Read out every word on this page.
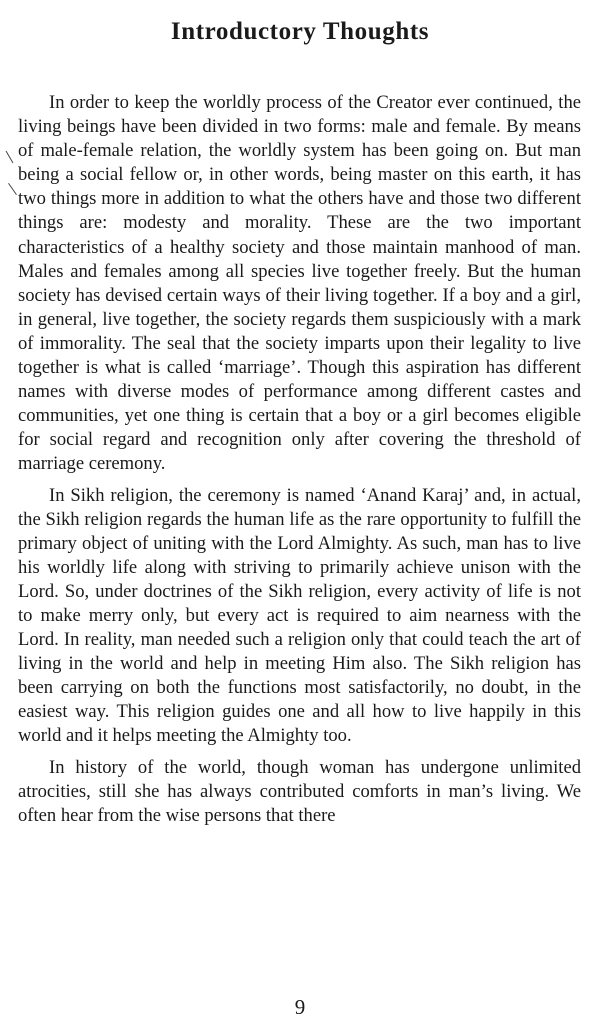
Introductory Thoughts

In order to keep the worldly process of the Creator ever continued, the living beings have been divided in two forms: male and female. By means of male-female relation, the worldly system has been going on. But man being a social fellow or, in other words, being master on this earth, it has two things more in addition to what the others have and those two different things are: modesty and morality. These are the two important characteristics of a healthy society and those maintain manhood of man. Males and females among all species live together freely. But the human society has devised certain ways of their living together. If a boy and a girl, in general, live together, the society regards them suspiciously with a mark of immorality. The seal that the society imparts upon their legality to live together is what is called ‘marriage’. Though this aspiration has different names with diverse modes of performance among different castes and communities, yet one thing is certain that a boy or a girl becomes eligible for social regard and recognition only after covering the threshold of marriage ceremony.

In Sikh religion, the ceremony is named ‘Anand Karaj’ and, in actual, the Sikh religion regards the human life as the rare opportunity to fulfill the primary object of uniting with the Lord Almighty. As such, man has to live his worldly life along with striving to primarily achieve unison with the Lord. So, under doctrines of the Sikh religion, every activity of life is not to make merry only, but every act is required to aim nearness with the Lord. In reality, man needed such a religion only that could teach the art of living in the world and help in meeting Him also. The Sikh religion has been carrying on both the functions most satisfactorily, no doubt, in the easiest way. This religion guides one and all how to live happily in this world and it helps meeting the Almighty too.

In history of the world, though woman has undergone unlimited atrocities, still she has always contributed comforts in man’s living. We often hear from the wise persons that there

9
